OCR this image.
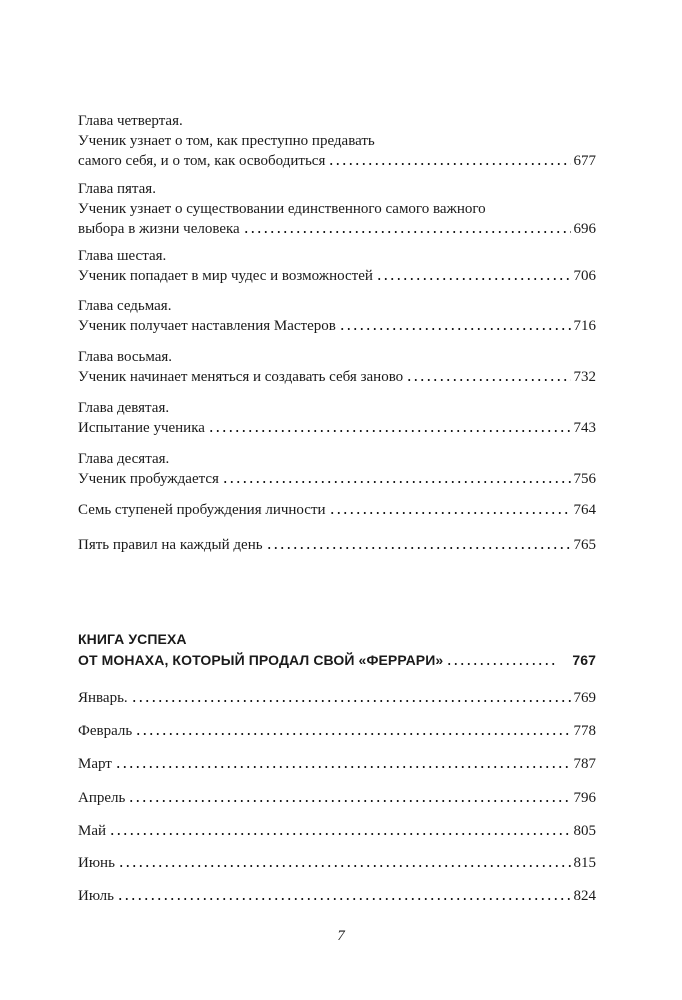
Глава четвертая.
Ученик узнает о том, как преступно предавать
самого себя, и о том, как освободиться	677
Глава пятая.
Ученик узнает о существовании единственного самого важного
выбора в жизни человека	696
Глава шестая.
Ученик попадает в мир чудес и возможностей	706
Глава седьмая.
Ученик получает наставления Мастеров	716
Глава восьмая.
Ученик начинает меняться и создавать себя заново	732
Глава девятая.
Испытание ученика	743
Глава десятая.
Ученик пробуждается	756
Семь ступеней пробуждения личности	764
Пять правил на каждый день	765
КНИГА УСПЕХА
ОТ МОНАХА, КОТОРЫЙ ПРОДАЛ СВОЙ «ФЕРРАРИ»	767
Январь.	769
Февраль	778
Март	787
Апрель	796
Май	805
Июнь	815
Июль	824
7
